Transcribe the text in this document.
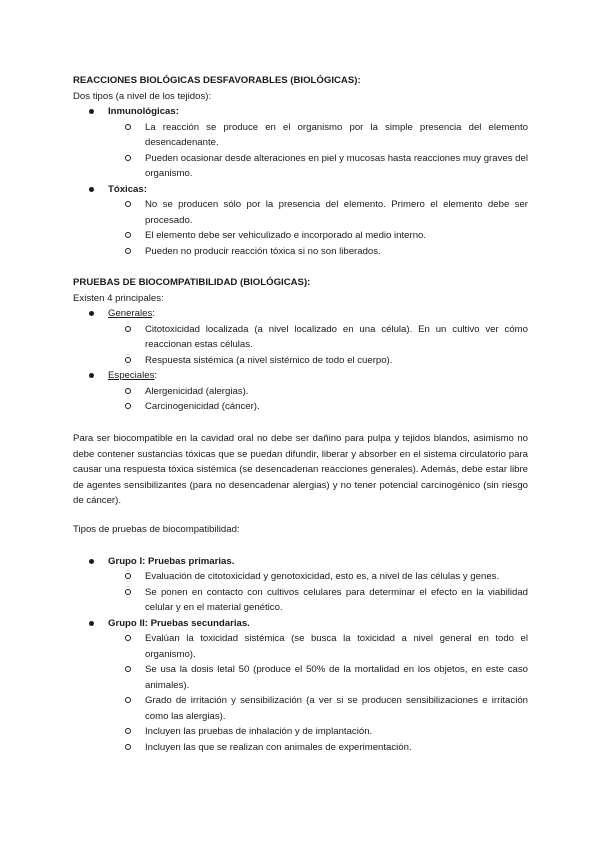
REACCIONES BIOLÓGICAS DESFAVORABLES (BIOLÓGICAS):

Dos tipos (a nivel de los tejidos):

Inmunológicas:
La reacción se produce en el organismo por la simple presencia del elemento desencadenante.
Pueden ocasionar desde alteraciones en piel y mucosas hasta reacciones muy graves del organismo.
Tóxicas:
No se producen sólo por la presencia del elemento. Primero el elemento debe ser procesado.
El elemento debe ser vehiculizado e incorporado al medio interno.
Pueden no producir reacción tóxica si no son liberados.

PRUEBAS DE BIOCOMPATIBILIDAD (BIOLÓGICAS):

Existen 4 principales:

Generales:
Citotoxicidad localizada (a nivel localizado en una célula). En un cultivo ver cómo reaccionan estas células.
Respuesta sistémica (a nivel sistémico de todo el cuerpo).
Especiales:
Alergenicidad (alergias).
Carcinogenicidad (cáncer).

Para ser biocompatible en la cavidad oral no debe ser dañino para pulpa y tejidos blandos, asimismo no debe contener sustancias tóxicas que se puedan difundir, liberar y absorber en el sistema circulatorio para causar una respuesta tóxica sistémica (se desencadenan reacciones generales). Además, debe estar libre de agentes sensibilizantes (para no desencadenar alergias) y no tener potencial carcinogénico (sin riesgo de cáncer).

Tipos de pruebas de biocompatibilidad:

Grupo I: Pruebas primarias.
Evaluación de citotoxicidad y genotoxicidad, esto es, a nivel de las células y genes.
Se ponen en contacto con cultivos celulares para determinar el efecto en la viabilidad celular y en el material genético.
Grupo II: Pruebas secundarias.
Evalúan la toxicidad sistémica (se busca la toxicidad a nivel general en todo el organismo).
Se usa la dosis letal 50 (produce el 50% de la mortalidad en los objetos, en este caso animales).
Grado de irritación y sensibilización (a ver si se producen sensibilizaciones e irritación como las alergias).
Incluyen las pruebas de inhalación y de implantación.
Incluyen las que se realizan con animales de experimentación.
